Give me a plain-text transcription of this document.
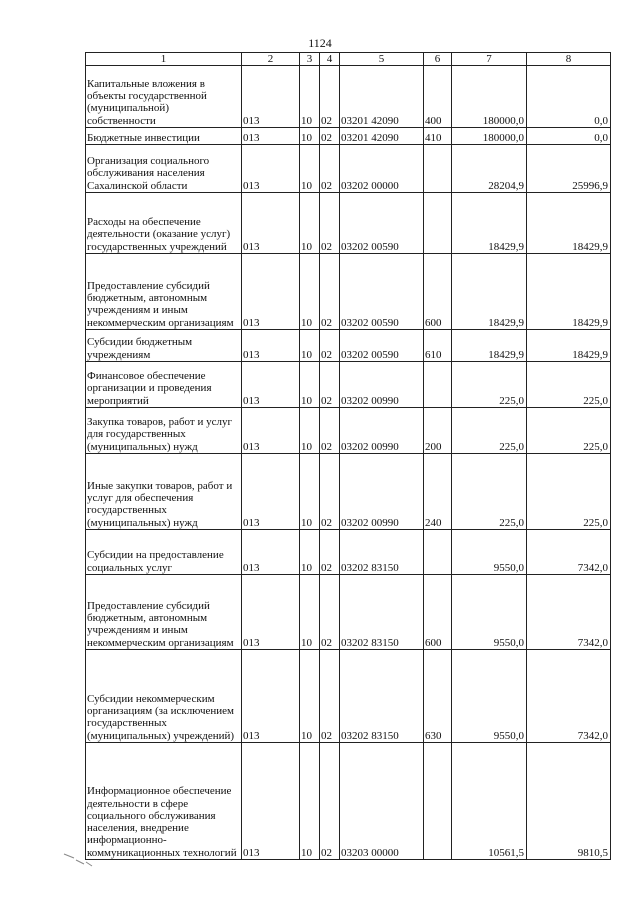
1124
1	2	3	4	5	6	7	8
Капитальные вложения в объекты государственной (муниципальной) собственности	013	10	02	03201 42090	400	180000,0	0,0
Бюджетные инвестиции	013	10	02	03201 42090	410	180000,0	0,0
Организация социального обслуживания населения Сахалинской области	013	10	02	03202 00000		28204,9	25996,9
Расходы на обеспечение деятельности (оказание услуг) государственных учреждений	013	10	02	03202 00590		18429,9	18429,9
Предоставление субсидий бюджетным, автономным учреждениям и иным некоммерческим организациям	013	10	02	03202 00590	600	18429,9	18429,9
Субсидии бюджетным учреждениям	013	10	02	03202 00590	610	18429,9	18429,9
Финансовое обеспечение организации и проведения мероприятий	013	10	02	03202 00990		225,0	225,0
Закупка товаров, работ и услуг для государственных (муниципальных) нужд	013	10	02	03202 00990	200	225,0	225,0
Иные закупки товаров, работ и услуг для обеспечения государственных (муниципальных) нужд	013	10	02	03202 00990	240	225,0	225,0
Субсидии на предоставление социальных услуг	013	10	02	03202 83150		9550,0	7342,0
Предоставление субсидий бюджетным, автономным учреждениям и иным некоммерческим организациям	013	10	02	03202 83150	600	9550,0	7342,0
Субсидии некоммерческим организациям (за исключением государственных (муниципальных) учреждений)	013	10	02	03202 83150	630	9550,0	7342,0
Информационное обеспечение деятельности в сфере социального обслуживания населения, внедрение информационно-коммуникационных технологий	013	10	02	03203 00000		10561,5	9810,5
